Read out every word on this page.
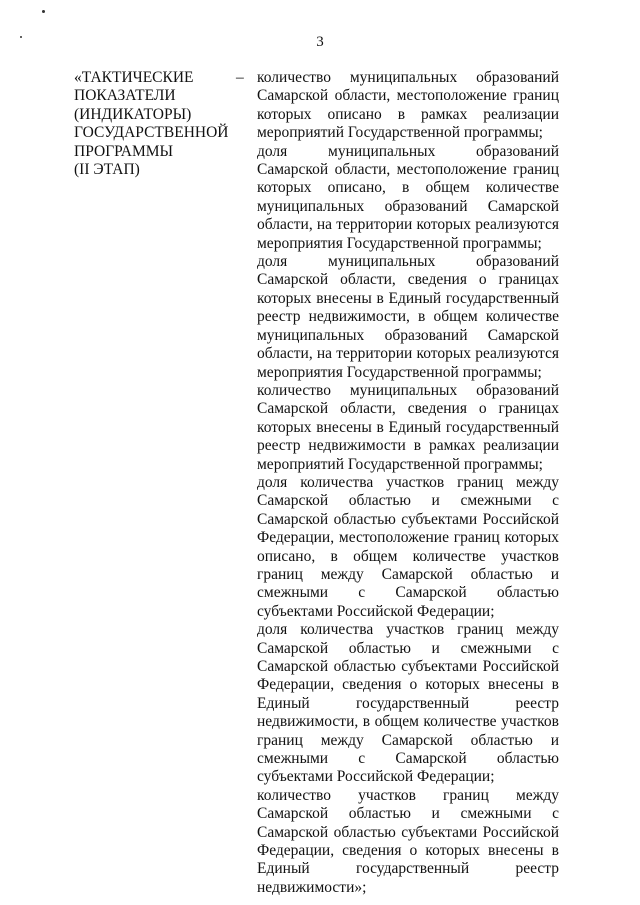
3
«ТАКТИЧЕСКИЕ
ПОКАЗАТЕЛИ
(ИНДИКАТОРЫ)
ГОСУДАРСТВЕННОЙ
ПРОГРАММЫ
(II ЭТАП)
– количество муниципальных образований Самарской области, местоположение границ которых описано в рамках реализации мероприятий Государственной программы;

доля муниципальных образований Самарской области, местоположение границ которых описано, в общем количестве муниципальных образований Самарской области, на территории которых реализуются мероприятия Государственной программы;

доля муниципальных образований Самарской области, сведения о границах которых внесены в Единый государственный реестр недвижимости, в общем количестве муниципальных образований Самарской области, на территории которых реализуются мероприятия Государственной программы;

количество муниципальных образований Самарской области, сведения о границах которых внесены в Единый государственный реестр недвижимости в рамках реализации мероприятий Государственной программы;

доля количества участков границ между Самарской областью и смежными с Самарской областью субъектами Российской Федерации, местоположение границ которых описано, в общем количестве участков границ между Самарской областью и смежными с Самарской областью субъектами Российской Федерации;

доля количества участков границ между Самарской областью и смежными с Самарской областью субъектами Российской Федерации, сведения о которых внесены в Единый государственный реестр недвижимости, в общем количестве участков границ между Самарской областью и смежными с Самарской областью субъектами Российской Федерации;

количество участков границ между Самарской областью и смежными с Самарской областью субъектами Российской Федерации, сведения о которых внесены в Единый государственный реестр недвижимости»;
